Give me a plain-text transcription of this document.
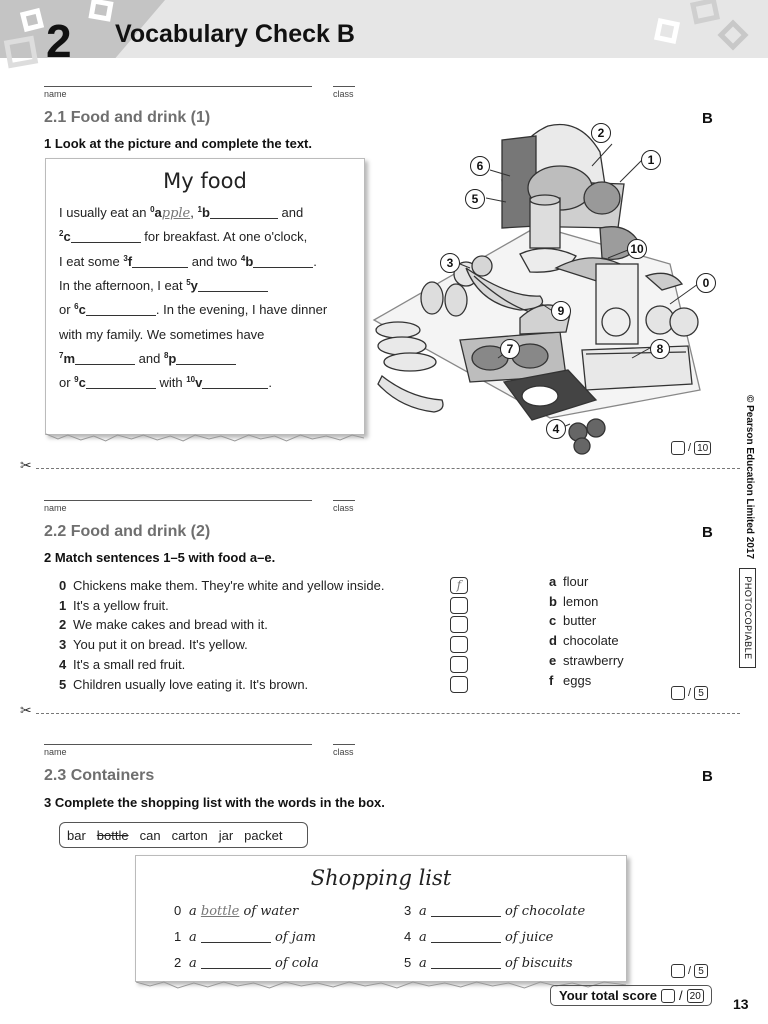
2 Vocabulary Check B
name	class
2.1 Food and drink (1)	B
1 Look at the picture and complete the text.
My food
I usually eat an $^0$apple, $^1$b	and
$^2$c	for breakfast. At one o'clock,
I eat some $^3$f	and two $^4$b	.
In the afternoon, I eat $^5$y
or $^6$c	. In the evening, I have dinner
with my family. We sometimes have
$^7$m	and $^8$p
or $^9$c	with $^{10}$v	.
0
1
2
3
4
5
6
7	8
9
10
/ 10
✂
name	class
2.2 Food and drink (2)	B
2 Match sentences 1–5 with food a–e.
0 Chickens make them. They're white and yellow inside.	f
1 It's a yellow fruit.
2 We make cakes and bread with it.
3 You put it on bread. It's yellow.
4 It's a small red fruit.
5 Children usually love eating it. It's brown.
a flour
b lemon
c butter
d chocolate
e strawberry
f eggs
/ 5
✂
name	class
2.3 Containers	B
3 Complete the shopping list with the words in the box.
bar bottle can carton jar packet
Shopping list
0 a bottle of water
1 a	of jam
2 a	of cola
3 a	of chocolate
4 a	of juice
5 a	of biscuits	/ 5
Your total score / 20 13
© Pearson Education Limited 2017
PHOTOCOPIABLE
